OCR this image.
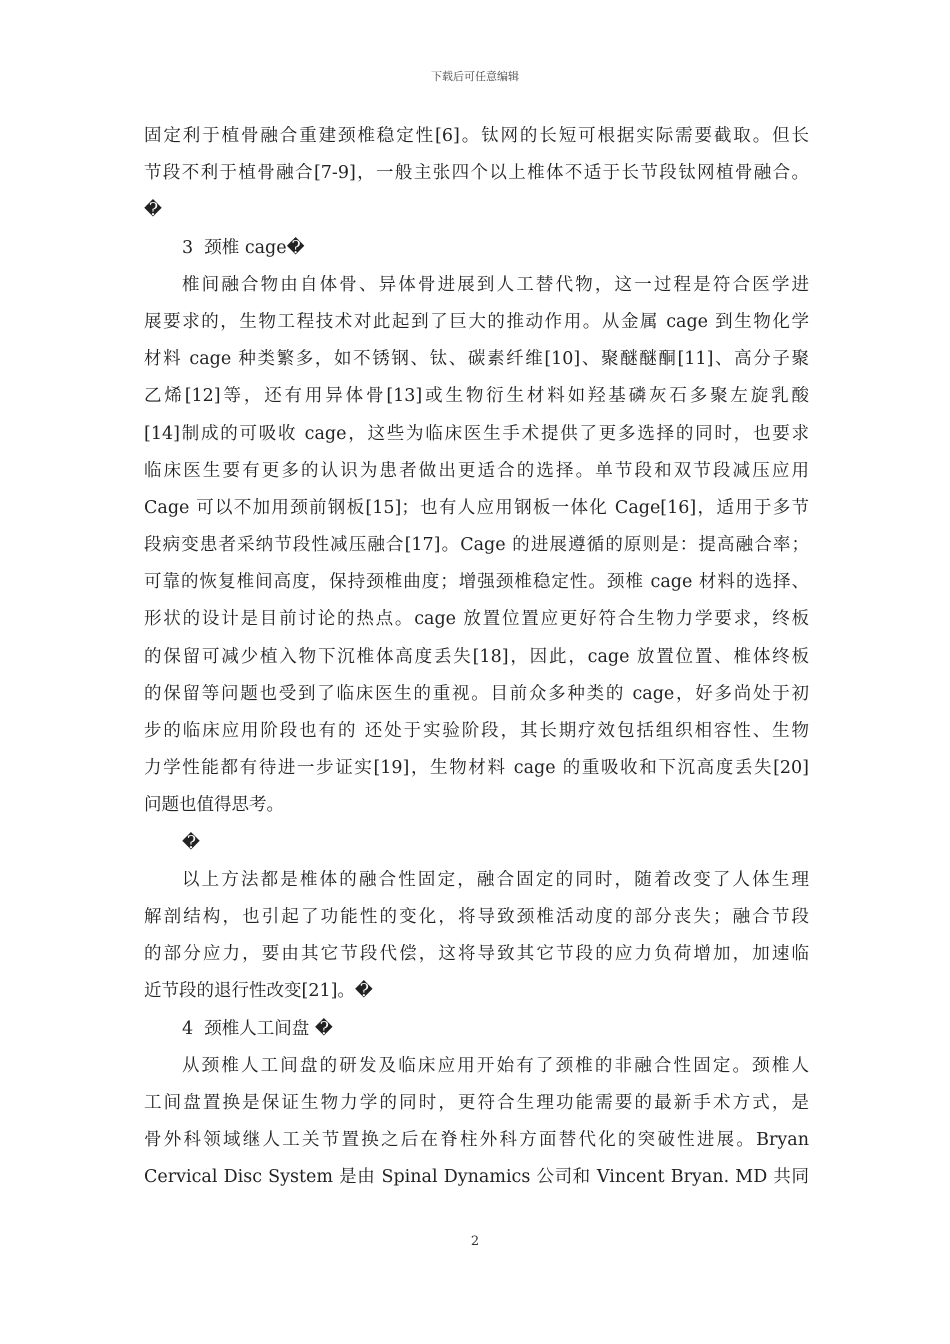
下载后可任意编辑
固定利于植骨融合重建颈椎稳定性[6]。钛网的长短可根据实际需要截取。但长
节段不利于植骨融合[7-9]，一般主张四个以上椎体不适于长节段钛网植骨融合。
�
3  颈椎 cage�
椎间融合物由自体骨、异体骨进展到人工替代物，这一过程是符合医学进
展要求的，生物工程技术对此起到了巨大的推动作用。从金属 cage 到生物化学
材料 cage 种类繁多，如不锈钢、钛、碳素纤维[10]、聚醚醚酮[11]、高分子聚
乙烯[12]等，还有用异体骨[13]或生物衍生材料如羟基磷灰石多聚左旋乳酸
[14]制成的可吸收 cage，这些为临床医生手术提供了更多选择的同时，也要求
临床医生要有更多的认识为患者做出更适合的选择。单节段和双节段减压应用
Cage 可以不加用颈前钢板[15]；也有人应用钢板一体化 Cage[16]，适用于多节
段病变患者采纳节段性减压融合[17]。Cage 的进展遵循的原则是：提高融合率；
可靠的恢复椎间高度，保持颈椎曲度；增强颈椎稳定性。颈椎 cage 材料的选择、
形状的设计是目前讨论的热点。cage 放置位置应更好符合生物力学要求，终板
的保留可减少植入物下沉椎体高度丢失[18]，因此，cage 放置位置、椎体终板
的保留等问题也受到了临床医生的重视。目前众多种类的 cage，好多尚处于初
步的临床应用阶段也有的 还处于实验阶段，其长期疗效包括组织相容性、生物
力学性能都有待进一步证实[19]，生物材料 cage 的重吸收和下沉高度丢失[20]
问题也值得思考。
�
以上方法都是椎体的融合性固定，融合固定的同时，随着改变了人体生理
解剖结构，也引起了功能性的变化，将导致颈椎活动度的部分丧失；融合节段
的部分应力，要由其它节段代偿，这将导致其它节段的应力负荷增加，加速临
近节段的退行性改变[21]。�
4  颈椎人工间盘 �
从颈椎人工间盘的研发及临床应用开始有了颈椎的非融合性固定。颈椎人
工间盘置换是保证生物力学的同时，更符合生理功能需要的最新手术方式，是
骨外科领域继人工关节置换之后在脊柱外科方面替代化的突破性进展。Bryan
Cervical Disc System 是由 Spinal Dynamics 公司和 Vincent Bryan. MD 共同
2
